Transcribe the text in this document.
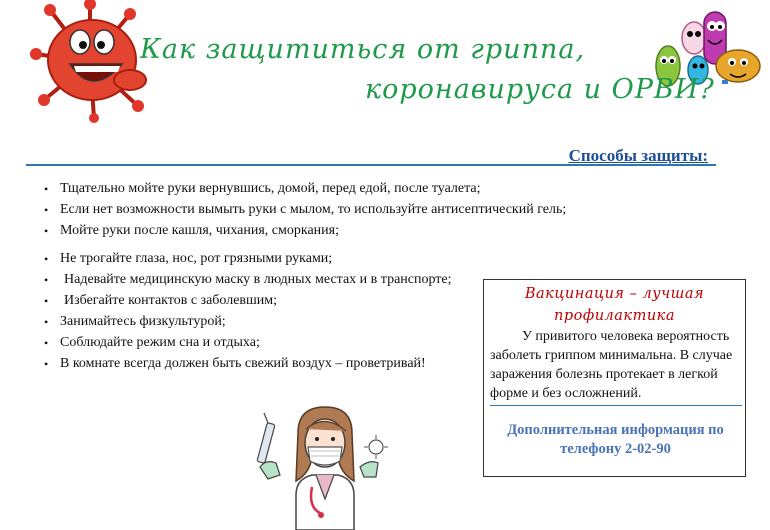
Как защититься от гриппа,
коронавируса и ОРВИ?
Способы защиты:
• Тщательно мойте руки вернувшись, домой, перед едой, после туалета;
• Если нет возможности вымыть руки с мылом, то используйте антисептический гель;
• Мойте руки после кашля, чихания, сморкания;
• Не трогайте глаза, нос, рот грязными руками;
• Надевайте медицинскую маску в людных местах и в транспорте;
• Избегайте контактов с заболевшим;
• Занимайтесь физкультурой;
• Соблюдайте режим сна и отдыха;
• В комнате всегда должен быть свежий воздух – проветривай!
Вакцинация – лучшая профилактика
У привитого человека вероятность заболеть гриппом минимальна. В случае заражения болезнь протекает в легкой форме и без осложнений.
Дополнительная информация по телефону 2-02-90
